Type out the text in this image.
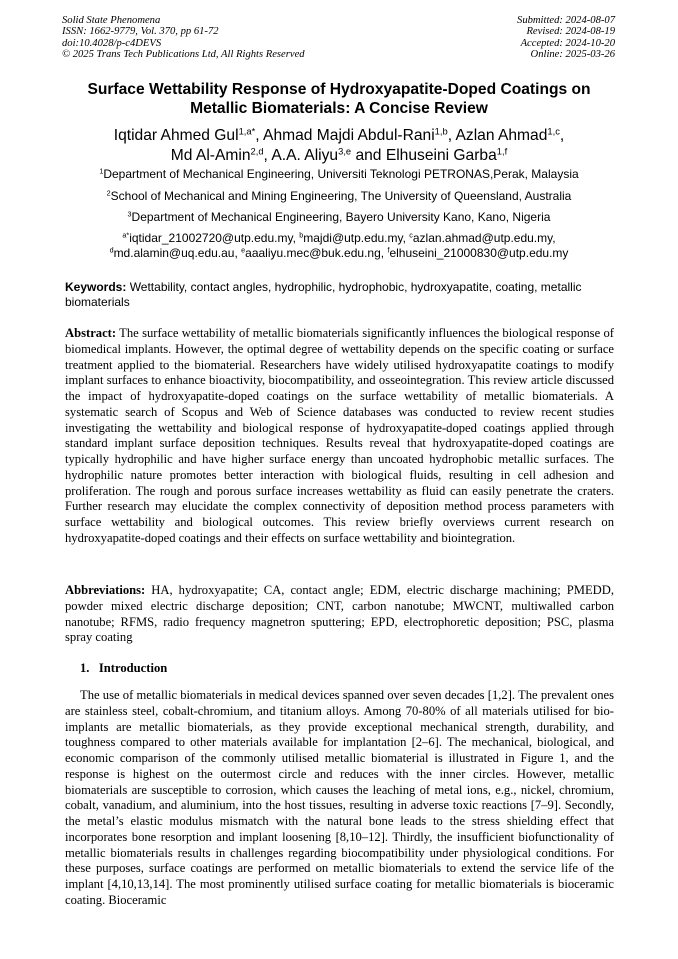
Solid State Phenomena
ISSN: 1662-9779, Vol. 370, pp 61-72
doi:10.4028/p-c4DEVS
© 2025 Trans Tech Publications Ltd, All Rights Reserved
Submitted: 2024-08-07
Revised: 2024-08-19
Accepted: 2024-10-20
Online: 2025-03-26
Surface Wettability Response of Hydroxyapatite-Doped Coatings on
Metallic Biomaterials: A Concise Review
Iqtidar Ahmed Gul$^{1,a*}$, Ahmad Majdi Abdul-Rani$^{1,b}$, Azlan Ahmad$^{1,c}$,
Md Al-Amin$^{2,d}$, A.A. Aliyu$^{3,e}$ and Elhuseini Garba$^{1,f}$
$^1$Department of Mechanical Engineering, Universiti Teknologi PETRONAS,Perak, Malaysia
$^2$School of Mechanical and Mining Engineering, The University of Queensland, Australia
$^3$Department of Mechanical Engineering, Bayero University Kano, Kano, Nigeria
$^{a*}$iqtidar_21002720@utp.edu.my, $^b$majdi@utp.edu.my, $^c$azlan.ahmad@utp.edu.my,
$^d$md.alamin@uq.edu.au, $^e$aaaliyu.mec@buk.edu.ng, $^f$elhuseini_21000830@utp.edu.my
Keywords: Wettability, contact angles, hydrophilic, hydrophobic, hydroxyapatite, coating, metallic biomaterials
Abstract: The surface wettability of metallic biomaterials significantly influences the biological response of biomedical implants. However, the optimal degree of wettability depends on the specific coating or surface treatment applied to the biomaterial. Researchers have widely utilised hydroxyapatite coatings to modify implant surfaces to enhance bioactivity, biocompatibility, and osseointegration. This review article discussed the impact of hydroxyapatite-doped coatings on the surface wettability of metallic biomaterials. A systematic search of Scopus and Web of Science databases was conducted to review recent studies investigating the wettability and biological response of hydroxyapatite-doped coatings applied through standard implant surface deposition techniques. Results reveal that hydroxyapatite-doped coatings are typically hydrophilic and have higher surface energy than uncoated hydrophobic metallic surfaces. The hydrophilic nature promotes better interaction with biological fluids, resulting in cell adhesion and proliferation. The rough and porous surface increases wettability as fluid can easily penetrate the craters. Further research may elucidate the complex connectivity of deposition method process parameters with surface wettability and biological outcomes. This review briefly overviews current research on hydroxyapatite-doped coatings and their effects on surface wettability and biointegration.
Abbreviations: HA, hydroxyapatite; CA, contact angle; EDM, electric discharge machining; PMEDD, powder mixed electric discharge deposition; CNT, carbon nanotube; MWCNT, multiwalled carbon nanotube; RFMS, radio frequency magnetron sputtering; EPD, electrophoretic deposition; PSC, plasma spray coating
1. Introduction
The use of metallic biomaterials in medical devices spanned over seven decades [1,2]. The prevalent ones are stainless steel, cobalt-chromium, and titanium alloys. Among 70-80% of all materials utilised for bio-implants are metallic biomaterials, as they provide exceptional mechanical strength, durability, and toughness compared to other materials available for implantation [2–6]. The mechanical, biological, and economic comparison of the commonly utilised metallic biomaterial is illustrated in Figure 1, and the response is highest on the outermost circle and reduces with the inner circles. However, metallic biomaterials are susceptible to corrosion, which causes the leaching of metal ions, e.g., nickel, chromium, cobalt, vanadium, and aluminium, into the host tissues, resulting in adverse toxic reactions [7–9]. Secondly, the metal’s elastic modulus mismatch with the natural bone leads to the stress shielding effect that incorporates bone resorption and implant loosening [8,10–12]. Thirdly, the insufficient biofunctionality of metallic biomaterials results in challenges regarding biocompatibility under physiological conditions. For these purposes, surface coatings are performed on metallic biomaterials to extend the service life of the implant [4,10,13,14]. The most prominently utilised surface coating for metallic biomaterials is bioceramic coating. Bioceramic
